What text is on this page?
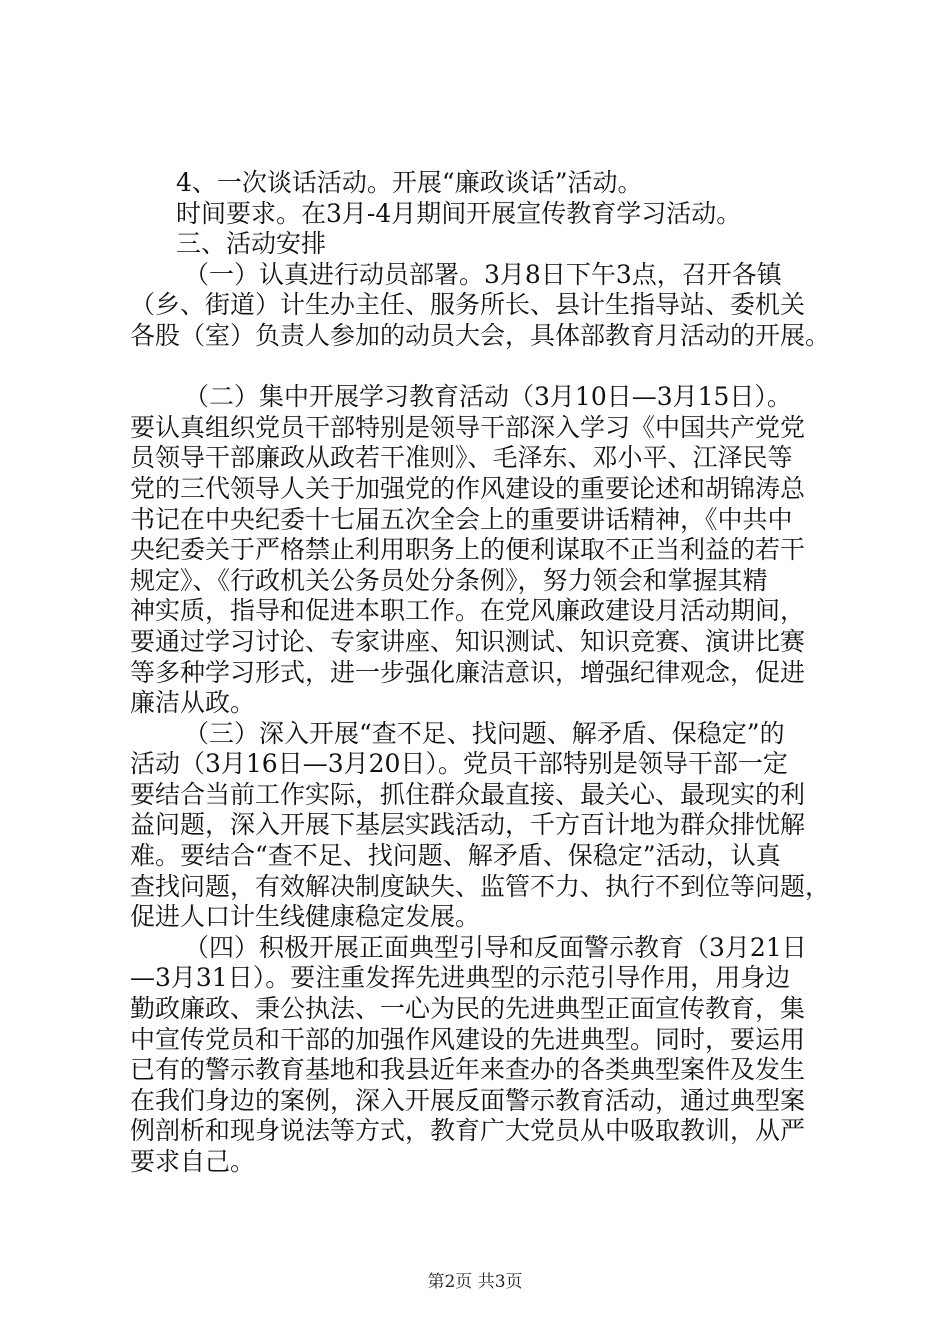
4、一次谈话活动。开展“廉政谈话”活动。
时间要求。在3月-4月期间开展宣传教育学习活动。
三、活动安排
（一）认真进行动员部署。3月8日下午3点，召开各镇
（乡、街道）计生办主任、服务所长、县计生指导站、委机关
各股（室）负责人参加的动员大会，具体部教育月活动的开展。
（二）集中开展学习教育活动（3月10日—3月15日）。
要认真组织党员干部特别是领导干部深入学习《中国共产党党
员领导干部廉政从政若干准则》、毛泽东、邓小平、江泽民等
党的三代领导人关于加强党的作风建设的重要论述和胡锦涛总
书记在中央纪委十七届五次全会上的重要讲话精神，《中共中
央纪委关于严格禁止利用职务上的便利谋取不正当利益的若干
规定》、《行政机关公务员处分条例》，努力领会和掌握其精
神实质，指导和促进本职工作。在党风廉政建设月活动期间，
要通过学习讨论、专家讲座、知识测试、知识竞赛、演讲比赛
等多种学习形式，进一步强化廉洁意识，增强纪律观念，促进
廉洁从政。
（三）深入开展“查不足、找问题、解矛盾、保稳定”的
活动（3月16日—3月20日）。党员干部特别是领导干部一定
要结合当前工作实际，抓住群众最直接、最关心、最现实的利
益问题，深入开展下基层实践活动，千方百计地为群众排忧解
难。要结合“查不足、找问题、解矛盾、保稳定”活动，认真
查找问题，有效解决制度缺失、监管不力、执行不到位等问题，
促进人口计生线健康稳定发展。
（四）积极开展正面典型引导和反面警示教育（3月21日
—3月31日）。要注重发挥先进典型的示范引导作用，用身边
勤政廉政、秉公执法、一心为民的先进典型正面宣传教育，集
中宣传党员和干部的加强作风建设的先进典型。同时，要运用
已有的警示教育基地和我县近年来查办的各类典型案件及发生
在我们身边的案例，深入开展反面警示教育活动，通过典型案
例剖析和现身说法等方式，教育广大党员从中吸取教训，从严
要求自己。
第2页 共3页
